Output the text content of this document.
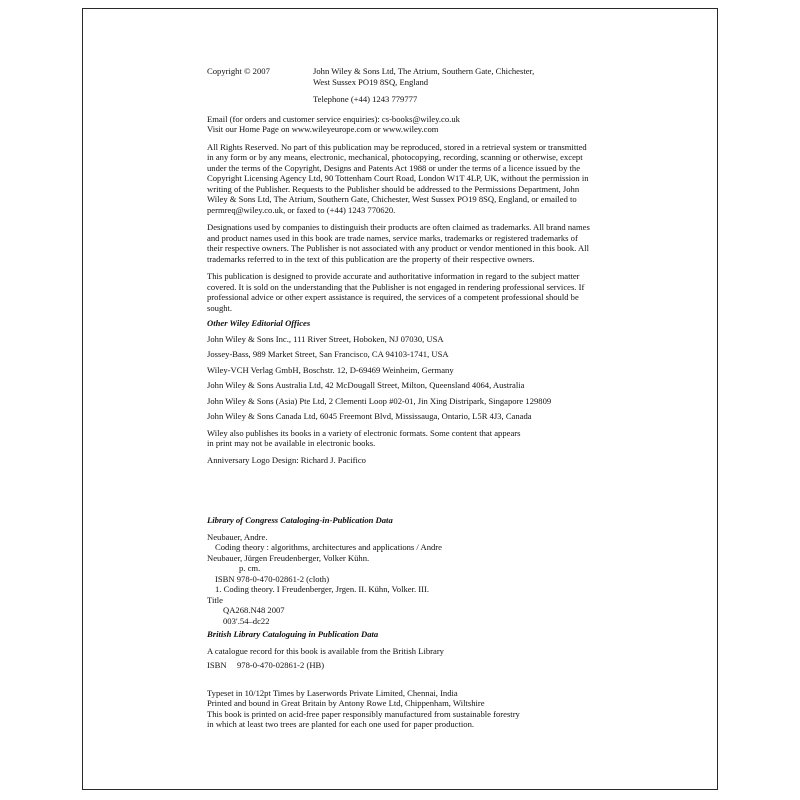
Copyright © 2007	John Wiley & Sons Ltd, The Atrium, Southern Gate, Chichester,
West Sussex PO19 8SQ, England
Telephone (+44) 1243 779777
Email (for orders and customer service enquiries): cs-books@wiley.co.uk
Visit our Home Page on www.wileyeurope.com or www.wiley.com
All Rights Reserved. No part of this publication may be reproduced, stored in a retrieval system or transmitted
in any form or by any means, electronic, mechanical, photocopying, recording, scanning or otherwise, except
under the terms of the Copyright, Designs and Patents Act 1988 or under the terms of a licence issued by the
Copyright Licensing Agency Ltd, 90 Tottenham Court Road, London W1T 4LP, UK, without the permission in
writing of the Publisher. Requests to the Publisher should be addressed to the Permissions Department, John
Wiley & Sons Ltd, The Atrium, Southern Gate, Chichester, West Sussex PO19 8SQ, England, or emailed to
permreq@wiley.co.uk, or faxed to (+44) 1243 770620.
Designations used by companies to distinguish their products are often claimed as trademarks. All brand names
and product names used in this book are trade names, service marks, trademarks or registered trademarks of
their respective owners. The Publisher is not associated with any product or vendor mentioned in this book. All
trademarks referred to in the text of this publication are the property of their respective owners.
This publication is designed to provide accurate and authoritative information in regard to the subject matter
covered. It is sold on the understanding that the Publisher is not engaged in rendering professional services. If
professional advice or other expert assistance is required, the services of a competent professional should be
sought.
Other Wiley Editorial Offices
John Wiley & Sons Inc., 111 River Street, Hoboken, NJ 07030, USA
Jossey-Bass, 989 Market Street, San Francisco, CA 94103-1741, USA
Wiley-VCH Verlag GmbH, Boschstr. 12, D-69469 Weinheim, Germany
John Wiley & Sons Australia Ltd, 42 McDougall Street, Milton, Queensland 4064, Australia
John Wiley & Sons (Asia) Pte Ltd, 2 Clementi Loop #02-01, Jin Xing Distripark, Singapore 129809
John Wiley & Sons Canada Ltd, 6045 Freemont Blvd, Mississauga, Ontario, L5R 4J3, Canada
Wiley also publishes its books in a variety of electronic formats. Some content that appears
in print may not be available in electronic books.
Anniversary Logo Design: Richard J. Pacifico
Library of Congress Cataloging-in-Publication Data
Neubauer, Andre.
Coding theory : algorithms, architectures and applications / Andre
Neubauer, Jürgen Freudenberger, Volker Kühn.
p. cm.
ISBN 978-0-470-02861-2 (cloth)
1. Coding theory. I Freudenberger, Jrgen. II. Kühn, Volker. III.
Title
QA268.N48 2007
003′.54–dc22
British Library Cataloguing in Publication Data
A catalogue record for this book is available from the British Library
ISBN	978-0-470-02861-2 (HB)
Typeset in 10/12pt Times by Laserwords Private Limited, Chennai, India
Printed and bound in Great Britain by Antony Rowe Ltd, Chippenham, Wiltshire
This book is printed on acid-free paper responsibly manufactured from sustainable forestry
in which at least two trees are planted for each one used for paper production.
